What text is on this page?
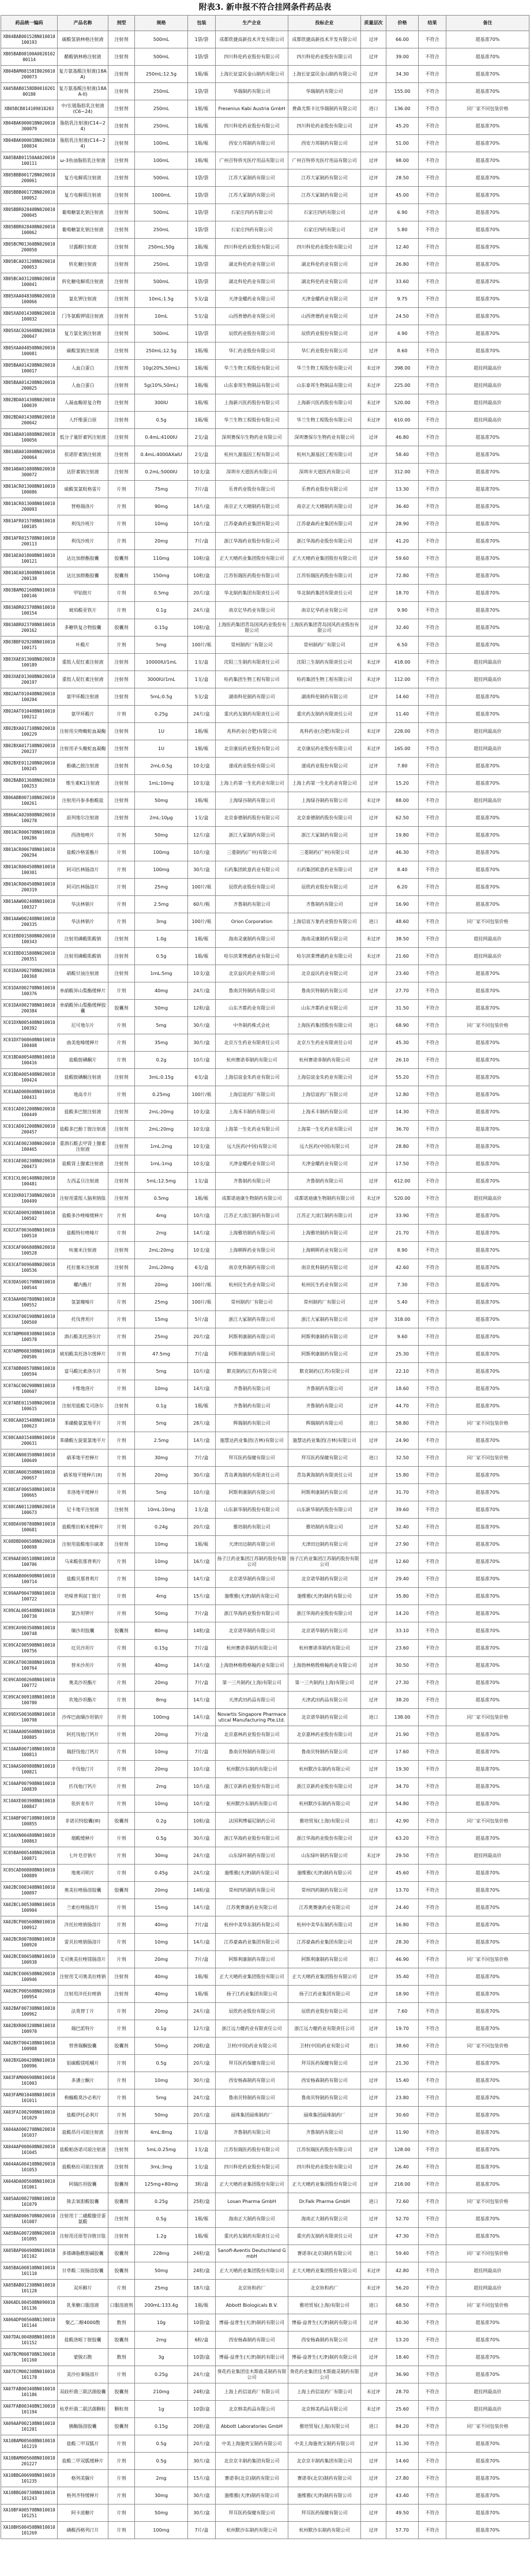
附表3. 新申报不符合挂网条件药品表
药品统一编码	产品名称	剂型	规格	包装	生产企业	投标企业	质量层次	价格	结果	备注
XB04BAB00152BN010010100193	碳酸氢钠林格注射液	注射剂	500mL	1袋/袋	成都欣捷高新技术开发有限公司	成都欣捷高新技术开发有限公司	过评	66.00	不符合	超基准70%
XB05BAB08100A002010200114	醋酸钠林格注射液	注射剂	500mL	1袋/袋	四川科伦药业股份有限公司	四川科伦药业股份有限公司	过评	39.00	不符合	超基准70%
XB04BAM08158IB020010200073	复方氨基酸注射液(18AA)	注射剂	250mL:12.5g	1瓶/瓶	上海长征富民金山制药有限公司	上海长征富民金山制药有限公司	过评	34.30	不符合	超基准70%
XA05BAB0158DB001020100180	复方氨基酸注射液(18AA-II)	注射剂	250mL	1袋/袋	华瑞制药有限公司	华瑞制药有限公司	过评	155.00	不符合	超基准70%
XB05BCB014109010203	中/长链脂肪乳注射液(C6~24)	注射剂	250mL	1瓶/瓶	Fresenius Kabi Austria GmbH	费森尤斯卡比华瑞制药有限公司	进口	136.00	不符合	同厂家不同包装价格
XB04BAK00001BN020010300079	脂肪乳注射液(C14~24)	注射剂	250mL	1瓶/瓶	四川科伦药业股份有限公司	四川科伦药业股份有限公司	过评	45.20	不符合	超基准70%
XB04BAK00001BN020010100034	脂肪乳注射液(C14~24)	注射剂	100mL	1瓶/瓶	西安力邦制药有限公司	西安力邦制药有限公司	过评	51.00	不符合	超基准70%
XA05BAB01150AA020010100111	ω-3鱼油脂肪乳注射液	注射剂	100mL	1瓶/瓶	广州百特侨光医疗用品有限公司	广州百特侨光医疗用品有限公司	过评	98.00	不符合	超基准70%
XB05BBB00172BN020010200061	复方电解质注射液	注射剂	500mL	1袋/袋	江苏大冢制药有限公司	江苏大冢制药有限公司	过评	28.50	不符合	超基准70%
XB05BBB00172BN020010100052	复方电解质注射液	注射剂	1000mL	1袋/袋	江苏大冢制药有限公司	江苏大冢制药有限公司	过评	45.00	不符合	超基准70%
XB05BBR02840BN020010200045	葡萄糖氯化钠注射液	注射剂	500mL	1袋/袋	石家庄四药有限公司	石家庄四药有限公司	过评	6.90	不符合	超基准70%
XB05BBR02840BN020010100062	葡萄糖氯化钠注射液	注射剂	250mL	1袋/袋	石家庄四药有限公司	石家庄四药有限公司	过评	5.80	不符合	超基准70%
XB05BCM01360BN020010200050	甘露醇注射液	注射剂	250mL:50g	1瓶/瓶	四川科伦药业股份有限公司	四川科伦药业股份有限公司	过评	12.40	不符合	超基准70%
XB05BCA03120BN020010200053	转化糖注射液	注射剂	250mL	1袋/袋	湖北科伦药业有限公司	湖北科伦药业有限公司	过评	26.80	不符合	超基准70%
XB05BCA03120BN020010100041	转化糖电解质注射液	注射剂	500mL	1袋/袋	湖北科伦药业有限公司	湖北科伦药业有限公司	过评	33.60	不符合	超基准70%
XB05XAA04830BN020010100066	氯化钾注射液	注射剂	10mL:1.5g	5支/盒	天津金耀药业有限公司	天津金耀药业有限公司	过评	9.75	不符合	超基准70%
XB05XAD01430BN020010100032	门冬氨酸钾镁注射液	注射剂	10mL	5支/盒	山西普德药业有限公司	山西普德药业有限公司	过评	24.50	不符合	超基准70%
XB05XAC02660BN020010200047	复方氯化钠注射液	注射剂	500mL	1袋/袋	辰欣药业股份有限公司	辰欣药业股份有限公司	过评	4.90	不符合	超基准70%
XB05XAA04850BN020010100081	碳酸氢钠注射液	注射剂	250mL:12.5g	1瓶/瓶	华仁药业股份有限公司	华仁药业股份有限公司	过评	8.60	不符合	超基准70%
XB05BAA01420BN020010100017	人血白蛋白	注射剂	10g(20%,50mL)	1瓶/瓶	华兰生物工程股份有限公司	华兰生物工程股份有限公司	未过评	398.00	不符合	超挂网最高价
XB05BAA01420BN020010200025	人血白蛋白	注射剂	5g(10%,50mL)	1瓶/瓶	山东泰邦生物制品有限公司	山东泰邦生物制品有限公司	未过评	225.00	不符合	超挂网最高价
XB02BDA01430BN020010100039	人凝血酶原复合物	注射剂	300IU	1瓶/瓶	上海新兴医药股份有限公司	上海新兴医药股份有限公司	未过评	520.00	不符合	超挂网最高价
XB02BDA01430BN020010200042	人纤维蛋白原	注射剂	0.5g	1瓶/瓶	华兰生物工程股份有限公司	华兰生物工程股份有限公司	未过评	610.00	不符合	超挂网最高价
XB01ABA01080BN020010100056	低分子量肝素钙注射液	注射剂	0.4mL:4100IU	2支/盒	深圳赛保尔生物药业有限公司	深圳赛保尔生物药业有限公司	过评	46.80	不符合	超基准70%
XB01ABA01080BN020010200064	依诺肝素钠注射液	注射剂	0.4mL:4000AXaIU	2支/盒	杭州九源基因工程有限公司	杭州九源基因工程有限公司	过评	58.40	不符合	超基准70%
XB01ABA01080BN020010300072	达肝素钠注射液	注射剂	0.2mL:5000IU	10支/盒	深圳市天道医药有限公司	深圳市天道医药有限公司	过评	312.00	不符合	超基准70%
XB01ACR01300BN010010100086	硫酸氢氯吡格雷片	片剂	75mg	7片/盒	乐普药业股份有限公司	乐普药业股份有限公司	过评	13.30	不符合	超基准70%
XB01ACR01300BN010010200093	替格瑞洛片	片剂	90mg	14片/盒	南京正大天晴制药有限公司	南京正大天晴制药有限公司	过评	36.40	不符合	超基准70%
XB01AFR01570BN010010100105	利伐沙班片	片剂	10mg	10片/盒	江苏豪森药业集团有限公司	江苏豪森药业集团有限公司	过评	28.90	不符合	超基准70%
XB01AFR01570BN010010200113	利伐沙班片	片剂	20mg	7片/盒	浙江华海药业股份有限公司	浙江华海药业股份有限公司	过评	41.20	不符合	超基准70%
XB01AEA01800BN010010100121	达比加群酯胶囊	胶囊剂	110mg	10粒/盒	正大天晴药业集团股份有限公司	正大天晴药业集团股份有限公司	过评	59.60	不符合	超基准70%
XB01AEA01800BN010010200138	达比加群酯胶囊	胶囊剂	150mg	10粒/盒	江苏恒瑞医药股份有限公司	江苏恒瑞医药股份有限公司	过评	72.80	不符合	超基准70%
XB03BAM02160BN010010100146	甲钴胺片	片剂	0.5mg	20片/盒	华北制药集团有限责任公司	华北制药集团有限责任公司	过评	18.70	不符合	超基准70%
XB03ABR02370BN010010100154	琥珀酸亚铁片	片剂	0.1g	24片/盒	南京亿华药业有限公司	南京亿华药业有限公司	过评	9.90	不符合	超基准70%
XB03ABR02370BN010010200162	多糖铁复合物胶囊	胶囊剂	0.15g	10粒/盒	上海医药集团青岛国风药业股份有限公司	上海医药集团青岛国风药业股份有限公司	过评	32.40	不符合	超基准70%
XB03BBF02920BN010010100171	叶酸片	片剂	5mg	100片/瓶	常州制药厂有限公司	常州制药厂有限公司	过评	6.50	不符合	超基准70%
XB03XAE01300BN020010100189	重组人促红素注射液	注射剂	10000IU/1mL	1支/盒	沈阳三生制药有限责任公司	沈阳三生制药有限责任公司	未过评	418.00	不符合	超挂网最高价
XB03XAE01300BN020010200197	重组人促红素注射液	注射剂	3000IU/1mL	1支/盒	哈药集团生物工程有限公司	哈药集团生物工程有限公司	未过评	112.00	不符合	超挂网最高价
XB02AAT01040BN020010100204	氨甲环酸注射液	注射剂	5mL:0.5g	5支/盒	湖南科伦制药有限公司	湖南科伦制药有限公司	过评	14.60	不符合	超基准70%
XB02AAT01040BN010010100212	氨甲环酸片	片剂	0.25g	24片/盒	重庆药友制药有限责任公司	重庆药友制药有限责任公司	过评	11.40	不符合	超基准70%
XB02BXA01710BN020010100229	注射用尖吻蝮蛇血凝酶	注射剂	1U	1瓶/瓶	兆科药业(合肥)有限公司	兆科药业(合肥)有限公司	未过评	228.00	不符合	超挂网最高价
XB02BXA01710BN020010200237	注射用矛头蝮蛇血凝酶	注射剂	1U	1瓶/瓶	北京康辰药业股份有限公司	北京康辰药业股份有限公司	未过评	165.00	不符合	超挂网最高价
XB02BXE01120BN020010100245	酚磺乙胺注射液	注射剂	2mL:0.5g	10支/盒	遂成药业股份有限公司	遂成药业股份有限公司	过评	7.80	不符合	超基准70%
XB02BAB01360BN020010100253	维生素K1注射液	注射剂	1mL:10mg	10支/盒	上海上药第一生化药业有限公司	上海上药第一生化药业有限公司	过评	15.20	不符合	超基准70%
XB06ABB00710BN020010100261	注射用丹参多酚酸盐	注射剂	50mg	1瓶/瓶	上海绿谷制药有限公司	上海绿谷制药有限公司	未过评	88.00	不符合	超挂网最高价
XB06ACA02080BN020010100278	前列地尔注射液	注射剂	2mL:10μg	1支/盒	北京泰德制药股份有限公司	北京泰德制药股份有限公司	过评	62.50	不符合	超基准70%
XB01ACR00670BN010010100286	西洛他唑片	片剂	50mg	12片/盒	浙江大冢制药有限公司	浙江大冢制药有限公司	过评	19.80	不符合	超基准70%
XB01ACR00670BN010010200294	盐酸沙格雷酯片	片剂	100mg	10片/盒	三菱制药(广州)有限公司	三菱制药(广州)有限公司	过评	46.30	不符合	超基准70%
XB01ACR00450BN010010100301	阿司匹林肠溶片	片剂	100mg	30片/盒	石药集团欧意药业有限公司	石药集团欧意药业有限公司	过评	8.40	不符合	超基准70%
XB01ACR00450BN010010200319	阿司匹林肠溶片	片剂	25mg	100片/瓶	辰欣药业股份有限公司	辰欣药业股份有限公司	过评	6.20	不符合	超基准70%
XB01AAW00240BN010010100327	华法林钠片	片剂	2.5mg	60片/瓶	齐鲁制药有限公司	齐鲁制药有限公司	过评	16.90	不符合	超基准70%
XB01AAW00240BN010010200335	华法林钠片	片剂	3mg	100片/瓶	Orion Corporation	上海信谊万象药业股份有限公司	进口	48.60	不符合	同厂家不同包装价格
XC01EBD01580BN020010100343	注射用磷酸肌酸钠	注射剂	1.0g	1瓶/瓶	海南灵康制药有限公司	海南灵康制药有限公司	未过评	38.50	不符合	超挂网最高价
XC01EBD01580BN020010200351	注射用磷酸肌酸钠	注射剂	0.5g	1瓶/瓶	哈尔滨莱博通药业有限公司	哈尔滨莱博通药业有限公司	未过评	21.60	不符合	超挂网最高价
XC01DAX00270BN020010100368	硝酸甘油注射液	注射剂	1mL:5mg	10支/盒	北京益民药业有限公司	北京益民药业有限公司	过评	23.40	不符合	超基准70%
XC01DAX00270BN010010100376	单硝酸异山梨酯缓释片	片剂	40mg	24片/盒	鲁南贝特制药有限公司	鲁南贝特制药有限公司	过评	27.70	不符合	超基准70%
XC01DAX00270BN010010200384	单硝酸异山梨酯缓释胶囊	胶囊剂	50mg	12粒/盒	山东齐都药业有限公司	山东齐都药业有限公司	过评	31.50	不符合	超基准70%
XC01DXN00540BN010010100392	尼可地尔片	片剂	5mg	30片/盒	中外制药株式会社	上海医药集团股份有限公司	进口	68.90	不符合	同厂家不同包装价格
XC01DXT00860BN010010100408	曲美他嗪缓释片	片剂	35mg	30片/盒	北京万生药业有限责任公司	北京万生药业有限责任公司	过评	45.30	不符合	超基准70%
XC01BDA00540BN010010100416	盐酸胺碘酮片	片剂	0.2g	10片/盒	杭州赛诺菲制药有限公司	杭州赛诺菲制药有限公司	过评	26.10	不符合	超基准70%
XC01BDA00540BN020010100424	盐酸胺碘酮注射液	注射剂	3mL:0.15g	6支/盒	上海信谊金朱药业有限公司	上海信谊金朱药业有限公司	过评	55.20	不符合	超基准70%
XC01AAD00860BN010010100431	地高辛片	片剂	0.25mg	100片/瓶	上海信谊药厂有限公司	上海信谊药厂有限公司	过评	12.80	不符合	超基准70%
XC01CAD01200BN020010100449	盐酸多巴胺注射液	注射剂	2mL:20mg	10支/盒	上海禾丰制药有限公司	上海禾丰制药有限公司	过评	14.30	不符合	超基准70%
XC01CAD01200BN020010200457	盐酸多巴酚丁胺注射液	注射剂	2mL:20mg	10支/盒	上海第一生化药业有限公司	上海第一生化药业有限公司	过评	36.70	不符合	超基准70%
XC01CAE00230BN020010100465	重酒石酸去甲肾上腺素注射液	注射剂	1mL:2mg	10支/盒	远大医药(中国)有限公司	远大医药(中国)有限公司	过评	28.80	不符合	超基准70%
XC01CAE00230BN020010200473	盐酸肾上腺素注射液	注射剂	1mL:1mg	10支/盒	天津金耀药业有限公司	天津金耀药业有限公司	过评	17.50	不符合	超基准70%
XC01CXL00140BN020010100481	左西孟旦注射液	注射剂	5mL:12.5mg	1支/盒	齐鲁制药有限公司	齐鲁制药有限公司	过评	612.00	不符合	超基准70%
XC01DXR01730BN020010100499	注射用重组人脑利钠肽	注射剂	0.5mg	1瓶/瓶	成都诺迪康生物制药有限公司	成都诺迪康生物制药有限公司	未过评	520.00	不符合	超挂网最高价
XC02CAD00920BN010010100502	盐酸多沙唑嗪缓释片	片剂	4mg	10片/盒	江苏正大清江制药有限公司	江苏正大清江制药有限公司	过评	33.90	不符合	超基准70%
XC02CAT00360BN010010100510	盐酸特拉唑嗪片	片剂	2mg	14片/盒	上海雅培制药有限公司	上海雅培制药有限公司	过评	21.70	不符合	超基准70%
XC03CAF00680BN020010100528	呋塞米注射液	注射剂	2mL:20mg	10支/盒	上海朝晖药业有限公司	上海朝晖药业有限公司	过评	8.90	不符合	超基准70%
XC03CAT00960BN020010100536	托拉塞米注射液	注射剂	2mL:20mg	6支/盒	南京优科制药有限公司	南京优科制药有限公司	过评	42.60	不符合	超基准70%
XC03DAS00170BN010010100544	螺内酯片	片剂	20mg	100片/瓶	杭州民生药业有限公司	杭州民生药业有限公司	过评	7.30	不符合	超基准70%
XC03AAH00780BN010010100552	氢氯噻嗪片	片剂	25mg	100片/瓶	常州制药厂有限公司	常州制药厂有限公司	过评	5.40	不符合	超基准70%
XC03XAT00190BN010010100560	托伐普坦片	片剂	15mg	5片/盒	浙江大冢制药有限公司	浙江大冢制药有限公司	过评	318.00	不符合	超基准70%
XC07ABM00830BN010010100578	酒石酸美托洛尔片	片剂	25mg	20片/盒	阿斯利康制药有限公司	阿斯利康制药有限公司	过评	9.60	不符合	超基准70%
XC07ABM00830BN010010200586	琥珀酸美托洛尔缓释片	片剂	47.5mg	7片/盒	阿斯利康制药有限公司	阿斯利康制药有限公司	过评	25.30	不符合	超基准70%
XC07ABB00570BN010010100594	富马酸比索洛尔片	片剂	5mg	10片/盒	默克制药(江苏)有限公司	默克制药(江苏)有限公司	过评	22.10	不符合	超基准70%
XC07AGC00290BN010010100607	卡维地洛片	片剂	10mg	14片/盒	齐鲁制药有限公司	齐鲁制药有限公司	过评	18.60	不符合	超基准70%
XC07ABE01150BN020010100615	注射用盐酸艾司洛尔	注射剂	0.1g	1瓶/瓶	齐鲁制药有限公司	齐鲁制药有限公司	过评	44.70	不符合	超基准70%
XC08CAA01540BN010010100623	苯磺酸氨氯地平片	片剂	5mg	28片/盒	辉瑞制药有限公司	辉瑞制药有限公司	进口	58.80	不符合	同厂家不同包装价格
XC08CAA01540BN010010200631	苯磺酸左旋氨氯地平片	片剂	2.5mg	14片/盒	施慧达药业集团(吉林)有限公司	施慧达药业集团(吉林)有限公司	过评	24.90	不符合	超基准70%
XC08CAN00350BN010010100649	硝苯地平控释片	片剂	30mg	7片/盒	拜耳医药保健有限公司	拜耳医药保健有限公司	进口	32.50	不符合	同厂家不同包装价格
XC08CAN00350BN010010200657	硝苯地平缓释片(II)	片剂	20mg	30片/盒	青岛黄海制药有限责任公司	青岛黄海制药有限责任公司	过评	15.80	不符合	超基准70%
XC08CAF00650BN010010100665	非洛地平缓释片	片剂	5mg	10片/盒	阿斯利康制药有限公司	阿斯利康制药有限公司	过评	31.70	不符合	超基准70%
XC08CAN01120BN020010100673	尼卡地平注射液	注射剂	10mL:10mg	1支/盒	山东新华制药股份有限公司	山东新华制药股份有限公司	过评	39.60	不符合	超基准70%
XC08DAV00780BN010010100681	盐酸维拉帕米缓释片	片剂	0.24g	20片/盒	雅培制药有限公司	雅培制药有限公司	过评	52.40	不符合	超基准70%
XC08DBD00650BN020010100698	注射用盐酸地尔硫䓬	注射剂	10mg	1瓶/瓶	天津田边制药有限公司	天津田边制药有限公司	过评	27.90	不符合	超基准70%
XC09AAE00510BN010010100706	马来酸依那普利片	片剂	10mg	16片/盒	扬子江药业集团江苏制药股份有限公司	扬子江药业集团江苏制药股份有限公司	过评	12.60	不符合	超基准70%
XC09AAB00690BN010010100714	盐酸贝那普利片	片剂	10mg	14片/盒	北京诺华制药有限公司	北京诺华制药有限公司	过评	29.40	不符合	超基准70%
XC09AAP00470BN010010100722	培哚普利叔丁胺片	片剂	4mg	15片/盒	施维雅(天津)制药有限公司	施维雅(天津)制药有限公司	过评	35.80	不符合	超基准70%
XC09CAL00540BN010010100730	氯沙坦钾片	片剂	50mg	7片/盒	浙江华海药业股份有限公司	浙江华海药业股份有限公司	过评	14.20	不符合	超基准70%
XC09CAV00350BN010010100748	缬沙坦胶囊	胶囊剂	80mg	14粒/盒	北京诺华制药有限公司	北京诺华制药有限公司	过评	33.10	不符合	超基准70%
XC09CAI00590BN010010100756	厄贝沙坦片	片剂	0.15g	7片/盒	杭州赛诺菲制药有限公司	杭州赛诺菲制药有限公司	过评	23.60	不符合	超基准70%
XC09CAT00380BN010010100764	替米沙坦片	片剂	40mg	14片/盒	上海勃林格殷格翰药业有限公司	上海勃林格殷格翰药业有限公司	过评	30.50	不符合	超基准70%
XC09CAO00260BN010010100772	奥美沙坦酯片	片剂	20mg	7片/盒	第一三共制药(上海)有限公司	第一三共制药(上海)有限公司	过评	27.30	不符合	超基准70%
XC09CAC00910BN010010100780	坎地沙坦酯片	片剂	8mg	14片/盒	天津武田药品有限公司	天津武田药品有限公司	过评	38.20	不符合	超基准70%
XC09DXS00360BN010010100798	沙库巴曲缬沙坦钠片	片剂	100mg	14片/盒	Novartis Singapore Pharmaceutical Manufacturing Pte.Ltd.	北京诺华制药有限公司	进口	138.00	不符合	同厂家不同包装价格
XC10AAA00560BN010010100805	阿托伐他汀钙片	片剂	20mg	7片/盒	北京嘉林药业股份有限公司	北京嘉林药业股份有限公司	过评	21.90	不符合	超基准70%
XC10AAR00710BN010010100813	瑞舒伐他汀钙片	片剂	10mg	7片/盒	鲁南贝特制药有限公司	鲁南贝特制药有限公司	过评	17.60	不符合	超基准70%
XC10AAS00980BN010010100821	辛伐他汀片	片剂	20mg	10片/盒	杭州默沙东制药有限公司	杭州默沙东制药有限公司	过评	19.30	不符合	超基准70%
XC10AAP00790BN010010100839	匹伐他汀钙片	片剂	2mg	10片/盒	浙江京新药业股份有限公司	浙江京新药业股份有限公司	过评	34.70	不符合	超基准70%
XC10AXE00390BN010010100847	依折麦布片	片剂	10mg	10片/盒	杭州默沙东制药有限公司	杭州默沙东制药有限公司	过评	54.80	不符合	超基准70%
XC10ABF00710BN010010100855	非诺贝特胶囊(III)	胶囊剂	0.2g	10粒/盒	法国利博福尼制药公司	雅培贸易(上海)有限公司	进口	42.90	不符合	同厂家不同包装价格
XC10AXN00480BN010010100863	烟酸缓释片	片剂	0.5g	30片/盒	浙江华海药业股份有限公司	浙江华海药业股份有限公司	过评	63.20	不符合	超基准70%
XC05BAH00540BN020010100871	七叶皂苷钠片	片剂	30mg	24片/盒	山东绿叶制药有限公司	山东绿叶制药有限公司	未过评	29.50	不符合	超挂网最高价
XC05CAD00880BN010010100889	地奥司明片	片剂	0.45g	24片/盒	施维雅(天津)制药有限公司	施维雅(天津)制药有限公司	过评	45.60	不符合	超基准70%
XA02BCO00340BN010010100897	奥美拉唑肠溶胶囊	胶囊剂	20mg	14粒/盒	常州四药制药有限公司	常州四药制药有限公司	过评	13.70	不符合	超基准70%
XA02BCL00530BN010010100904	兰索拉唑肠溶片	片剂	15mg	14片/盒	江苏奥赛康药业有限公司	江苏奥赛康药业有限公司	过评	24.40	不符合	超基准70%
XA02BCP00560BN010010100912	泮托拉唑钠肠溶片	片剂	40mg	7片/盒	杭州中美华东制药有限公司	杭州中美华东制药有限公司	过评	16.80	不符合	超基准70%
XA02BCR00780BN010010100920	雷贝拉唑钠肠溶片	片剂	10mg	14片/盒	江苏豪森药业集团有限公司	江苏豪森药业集团有限公司	过评	28.30	不符合	超基准70%
XA02BCE00650BN010010100938	艾司奥美拉唑镁肠溶片	片剂	20mg	7片/盒	阿斯利康制药有限公司	阿斯利康制药有限公司	进口	46.90	不符合	同厂家不同包装价格
XA02BCE00650BN020010100946	注射用艾司奥美拉唑钠	注射剂	40mg	1瓶/瓶	正大天晴药业集团股份有限公司	正大天晴药业集团股份有限公司	过评	35.40	不符合	超基准70%
XA02BCP00560BN020010100954	注射用泮托拉唑钠	注射剂	40mg	1瓶/瓶	扬子江药业集团有限公司	扬子江药业集团有限公司	过评	18.90	不符合	超基准70%
XA02BAF00730BN010010100962	法莫替丁片	片剂	20mg	24片/盒	辰欣药业股份有限公司	辰欣药业股份有限公司	过评	7.60	不符合	超基准70%
XA02BXR00320BN010010100970	瑞巴派特片	片剂	0.1g	12片/盒	浙江远力健药业有限责任公司	浙江远力健药业有限责任公司	过评	19.70	不符合	超基准70%
XA02BXT00410BN010010100988	替普瑞酮胶囊	胶囊剂	50mg	20粒/盒	卫材(中国)药业有限公司	卫材(中国)药业有限公司	进口	38.60	不符合	同厂家不同包装价格
XA02BXG00420BN010010100996	铝碳酸镁咀嚼片	片剂	0.5g	20片/盒	拜耳医药保健有限公司	拜耳医药保健有限公司	过评	21.30	不符合	超基准70%
XA03FAM00690BN010010101003	多潘立酮片	片剂	10mg	30片/盒	西安杨森制药有限公司	西安杨森制药有限公司	过评	15.40	不符合	超基准70%
XA03FAM01040BN010010101011	枸橼酸莫沙必利片	片剂	5mg	24片/盒	鲁南贝特制药有限公司	鲁南贝特制药有限公司	过评	23.80	不符合	超基准70%
XA03FAI00290BN010010101029	盐酸伊托必利片	片剂	50mg	20片/盒	丽珠集团丽珠制药厂	丽珠集团丽珠制药厂	过评	30.60	不符合	超基准70%
XA04AAO00270BN020010101037	盐酸昂丹司琼注射液	注射剂	4mL:8mg	1支/盒	齐鲁制药有限公司	齐鲁制药有限公司	过评	11.90	不符合	超基准70%
XA04AAP00860BN020010101045	盐酸帕洛诺司琼注射液	注射剂	5mL:0.25mg	1支/盒	江苏恒瑞医药股份有限公司	江苏恒瑞医药股份有限公司	过评	128.00	不符合	超基准70%
XA04AAG00410BN020010101053	盐酸格拉司琼注射液	注射剂	3mL:3mg	1支/盒	四川科伦药业股份有限公司	四川科伦药业股份有限公司	过评	26.40	不符合	超基准70%
XA04ADA00560BN010010101061	阿瑞匹坦胶囊	胶囊剂	125mg+80mg	3粒/盒	正大天晴药业集团股份有限公司	正大天晴药业集团股份有限公司	过评	218.00	不符合	超基准70%
XA05AAU00270BN010010101079	熊去氧胆酸胶囊	胶囊剂	0.25g	25粒/盒	Losan Pharma GmbH	Dr.Falk Pharma GmbH	进口	72.60	不符合	同厂家不同包装价格
XA05BAD00670BN020010101087	注射用丁二磺酸腺苷蛋氨酸	注射剂	0.5g	1瓶/瓶	海南正大制药有限公司	海南正大制药有限公司	过评	52.70	不符合	超基准70%
XA05BAG00720BN020010101095	注射用还原型谷胱甘肽	注射剂	1.2g	1瓶/瓶	重庆药友制药有限责任公司	重庆药友制药有限责任公司	过评	47.30	不符合	超基准70%
XA05BAP00490BN010010101102	多烯磷脂酰胆碱胶囊	胶囊剂	228mg	24粒/盒	Sanofi-Aventis Deutschland GmbH	赛诺菲(北京)制药有限公司	进口	59.40	不符合	同厂家不同包装价格
XA05BAG00810BN010010101110	甘草酸二铵肠溶胶囊	胶囊剂	50mg	24粒/盒	正大天晴药业集团股份有限公司	正大天晴药业集团股份有限公司	未过评	42.80	不符合	超挂网最高价
XA05BAB01230BN010010101128	双环醇片	片剂	25mg	18片/盒	北京协和药厂	北京协和药厂	未过评	56.20	不符合	超挂网最高价
XA06ADL00450BN090010101136	乳果糖口服溶液	口服溶液剂	200mL:133.4g	1瓶/瓶	Abbott Biologicals B.V.	雅培贸易(上海)有限公司	进口	68.50	不符合	同厂家不同包装价格
XA06ADP00560BN130010101144	聚乙二醇4000散	散剂	10g	10袋/盒	博福-益普生(天津)制药有限公司	博福-益普生(天津)制药有限公司	过评	40.30	不符合	超基准70%
XA07DAL00480BN010010101152	盐酸洛哌丁胺胶囊	胶囊剂	2mg	6粒/盒	西安杨森制药有限公司	西安杨森制药有限公司	过评	13.20	不符合	超基准70%
XA07BCM00870BN130010101160	蒙脱石散	散剂	3g	10袋/盒	博福-益普生(天津)制药有限公司	博福-益普生(天津)制药有限公司	过评	18.40	不符合	超基准70%
XA07ECM00230BN010010101178	美沙拉秦肠溶片	片剂	0.25g	24片/盒	葵花药业集团佳木斯鹿灵制药有限公司	葵花药业集团佳木斯鹿灵制药有限公司	过评	36.90	不符合	超基准70%
XA07FAB00340BN010010101186	双歧杆菌三联活菌胶囊	胶囊剂	210mg	24粒/盒	上海上药信谊药厂有限公司	上海上药信谊药厂有限公司	未过评	28.70	不符合	超挂网最高价
XA07FAB00340BN130010101194	枯草杆菌二联活菌颗粒	颗粒剂	1g	10袋/盒	北京韩美药品有限公司	北京韩美药品有限公司	未过评	25.60	不符合	超挂网最高价
XA09AAP00210BN010010101201	胰酶肠溶胶囊	胶囊剂	0.15g	20粒/盒	Abbott Laboratories GmbH	雅培贸易(上海)有限公司	进口	84.20	不符合	同厂家不同包装价格
XA10BAM00560BN010010101219	盐酸二甲双胍片	片剂	0.5g	20片/盒	中美上海施贵宝制药有限公司	中美上海施贵宝制药有限公司	过评	11.30	不符合	超基准70%
XA10BAM00560BN010010201227	盐酸二甲双胍缓释片	片剂	0.5g	30片/盒	北京京丰制药集团有限公司	北京京丰制药集团有限公司	过评	14.60	不符合	超基准70%
XA10BBG00690BN010010101235	格列美脲片	片剂	2mg	15片/盒	赛诺菲(北京)制药有限公司	赛诺菲(北京)制药有限公司	过评	27.80	不符合	超基准70%
XA10BBG00730BN010010101243	格列齐特缓释片	片剂	30mg	30片/盒	施维雅(天津)制药有限公司	施维雅(天津)制药有限公司	过评	43.40	不符合	超基准70%
XA10BFA00570BN010010101251	阿卡波糖片	片剂	50mg	30片/盒	拜耳医药保健有限公司	拜耳医药保健有限公司	过评	49.50	不符合	超基准70%
XA10BHS00450BN010010101269	磷酸西格列汀片	片剂	100mg	7片/盒	杭州默沙东制药有限公司	杭州默沙东制药有限公司	过评	57.70	不符合	超基准70%
